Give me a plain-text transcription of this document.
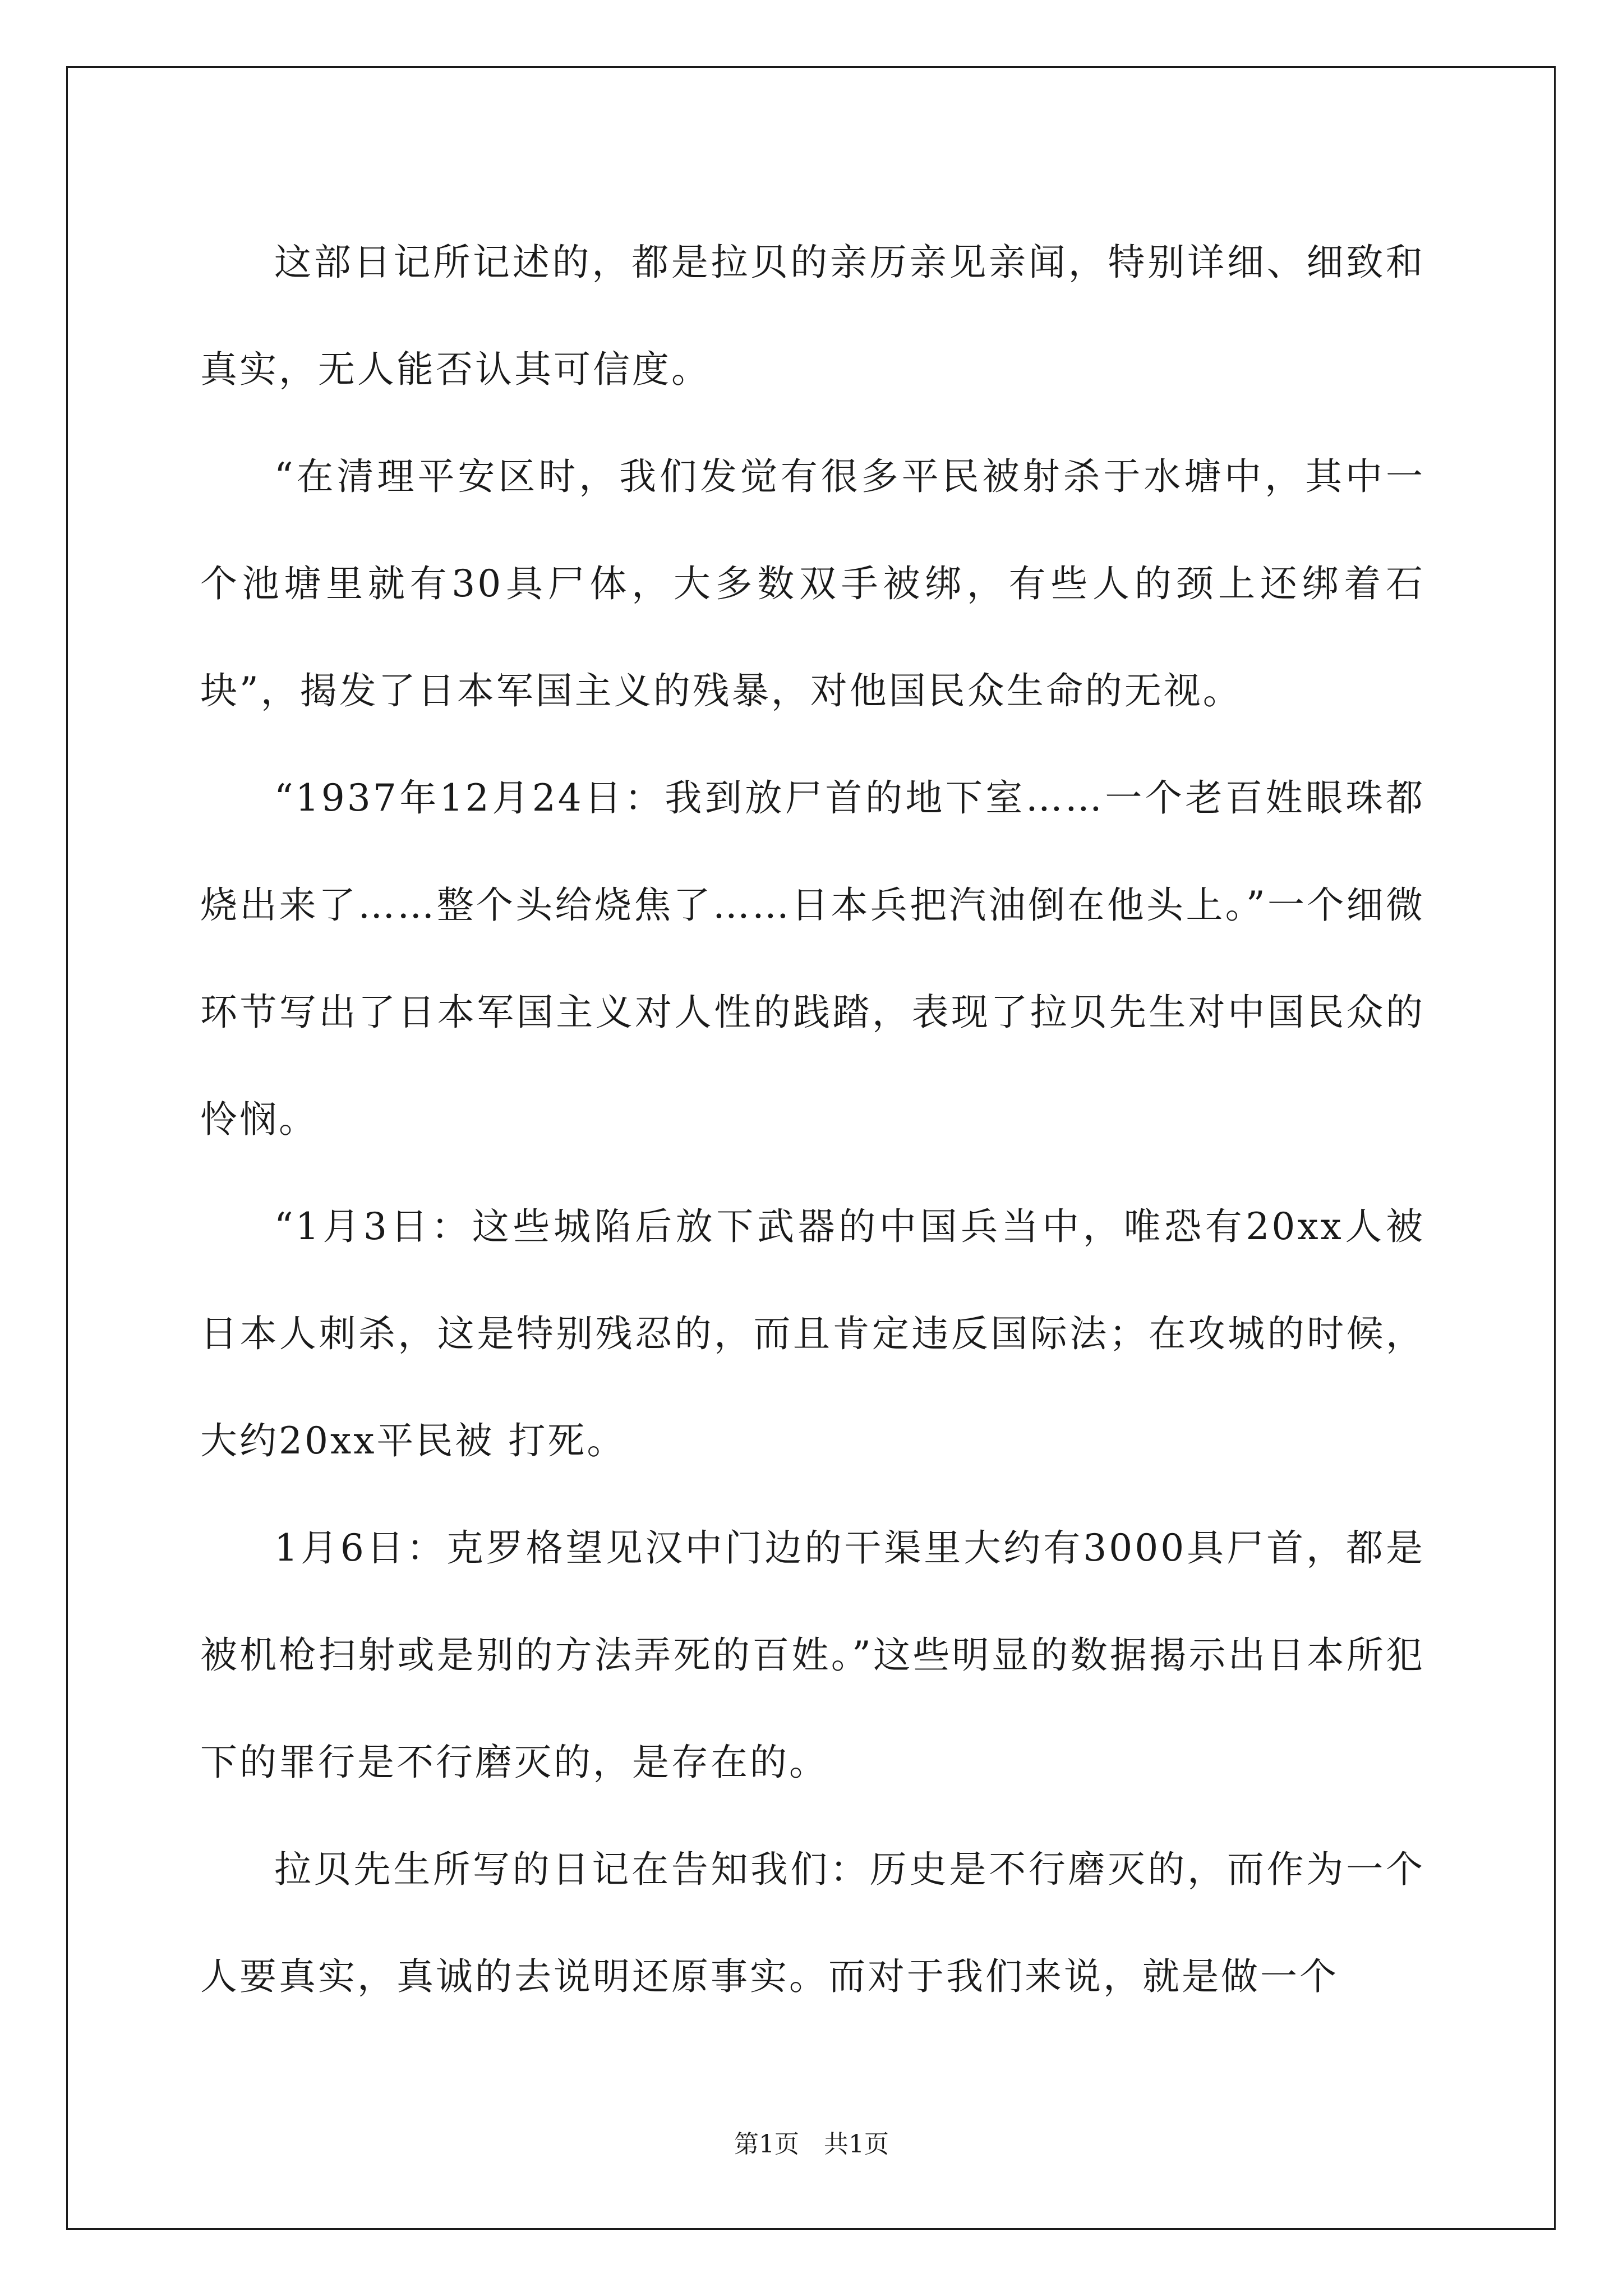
这部日记所记述的，都是拉贝的亲历亲见亲闻，特别详细、细致和真实，无人能否认其可信度。

“在清理平安区时，我们发觉有很多平民被射杀于水塘中，其中一个池塘里就有30具尸体，大多数双手被绑，有些人的颈上还绑着石块”，揭发了日本军国主义的残暴，对他国民众生命的无视。

“1937年12月24日：我到放尸首的地下室……一个老百姓眼珠都烧出来了……整个头给烧焦了……日本兵把汽油倒在他头上。”一个细微环节写出了日本军国主义对人性的践踏，表现了拉贝先生对中国民众的怜悯。

“1月3日：这些城陷后放下武器的中国兵当中，唯恐有20xx人被日本人刺杀，这是特别残忍的，而且肯定违反国际法；在攻城的时候，大约20xx平民被 打死。

1月6日：克罗格望见汉中门边的干渠里大约有3000具尸首，都是被机枪扫射或是别的方法弄死的百姓。”这些明显的数据揭示出日本所犯下的罪行是不行磨灭的，是存在的。

拉贝先生所写的日记在告知我们：历史是不行磨灭的，而作为一个人要真实，真诚的去说明还原事实。而对于我们来说，就是做一个

第1页　共1页
